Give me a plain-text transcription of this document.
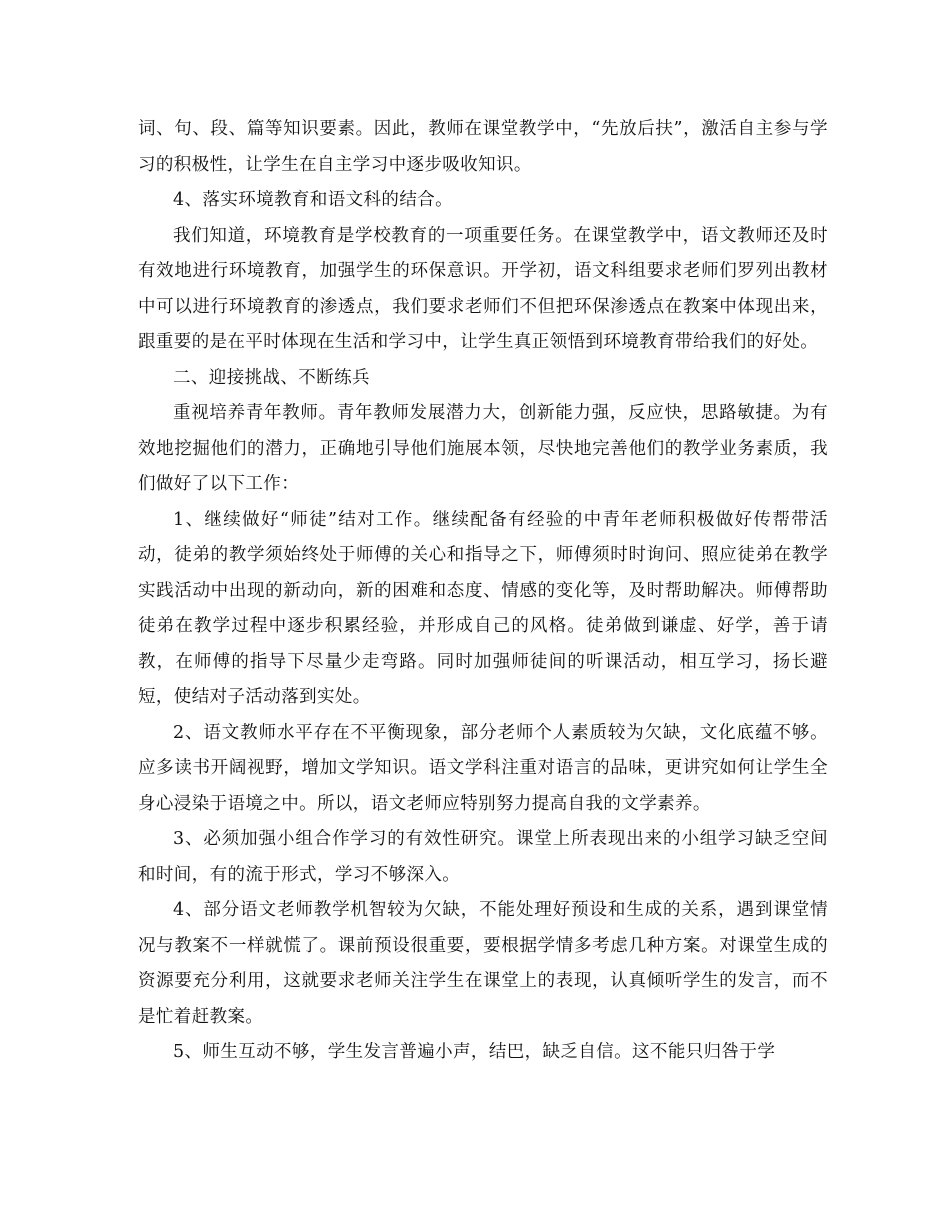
词、句、段、篇等知识要素。因此，教师在课堂教学中，“先放后扶”，激活自主参与学习的积极性，让学生在自主学习中逐步吸收知识。

4、落实环境教育和语文科的结合。

我们知道，环境教育是学校教育的一项重要任务。在课堂教学中，语文教师还及时有效地进行环境教育，加强学生的环保意识。开学初，语文科组要求老师们罗列出教材中可以进行环境教育的渗透点，我们要求老师们不但把环保渗透点在教案中体现出来，跟重要的是在平时体现在生活和学习中，让学生真正领悟到环境教育带给我们的好处。

二、迎接挑战、不断练兵

重视培养青年教师。青年教师发展潜力大，创新能力强，反应快，思路敏捷。为有效地挖掘他们的潜力，正确地引导他们施展本领，尽快地完善他们的教学业务素质，我们做好了以下工作：

1、继续做好“师徒”结对工作。继续配备有经验的中青年老师积极做好传帮带活动，徒弟的教学须始终处于师傅的关心和指导之下，师傅须时时询问、照应徒弟在教学实践活动中出现的新动向，新的困难和态度、情感的变化等，及时帮助解决。师傅帮助徒弟在教学过程中逐步积累经验，并形成自己的风格。徒弟做到谦虚、好学，善于请教，在师傅的指导下尽量少走弯路。同时加强师徒间的听课活动，相互学习，扬长避短，使结对子活动落到实处。

2、语文教师水平存在不平衡现象，部分老师个人素质较为欠缺，文化底蕴不够。应多读书开阔视野，增加文学知识。语文学科注重对语言的品味，更讲究如何让学生全身心浸染于语境之中。所以，语文老师应特别努力提高自我的文学素养。

3、必须加强小组合作学习的有效性研究。课堂上所表现出来的小组学习缺乏空间和时间，有的流于形式，学习不够深入。

4、部分语文老师教学机智较为欠缺，不能处理好预设和生成的关系，遇到课堂情况与教案不一样就慌了。课前预设很重要，要根据学情多考虑几种方案。对课堂生成的资源要充分利用，这就要求老师关注学生在课堂上的表现，认真倾听学生的发言，而不是忙着赶教案。

5、师生互动不够，学生发言普遍小声，结巴，缺乏自信。这不能只归咎于学
